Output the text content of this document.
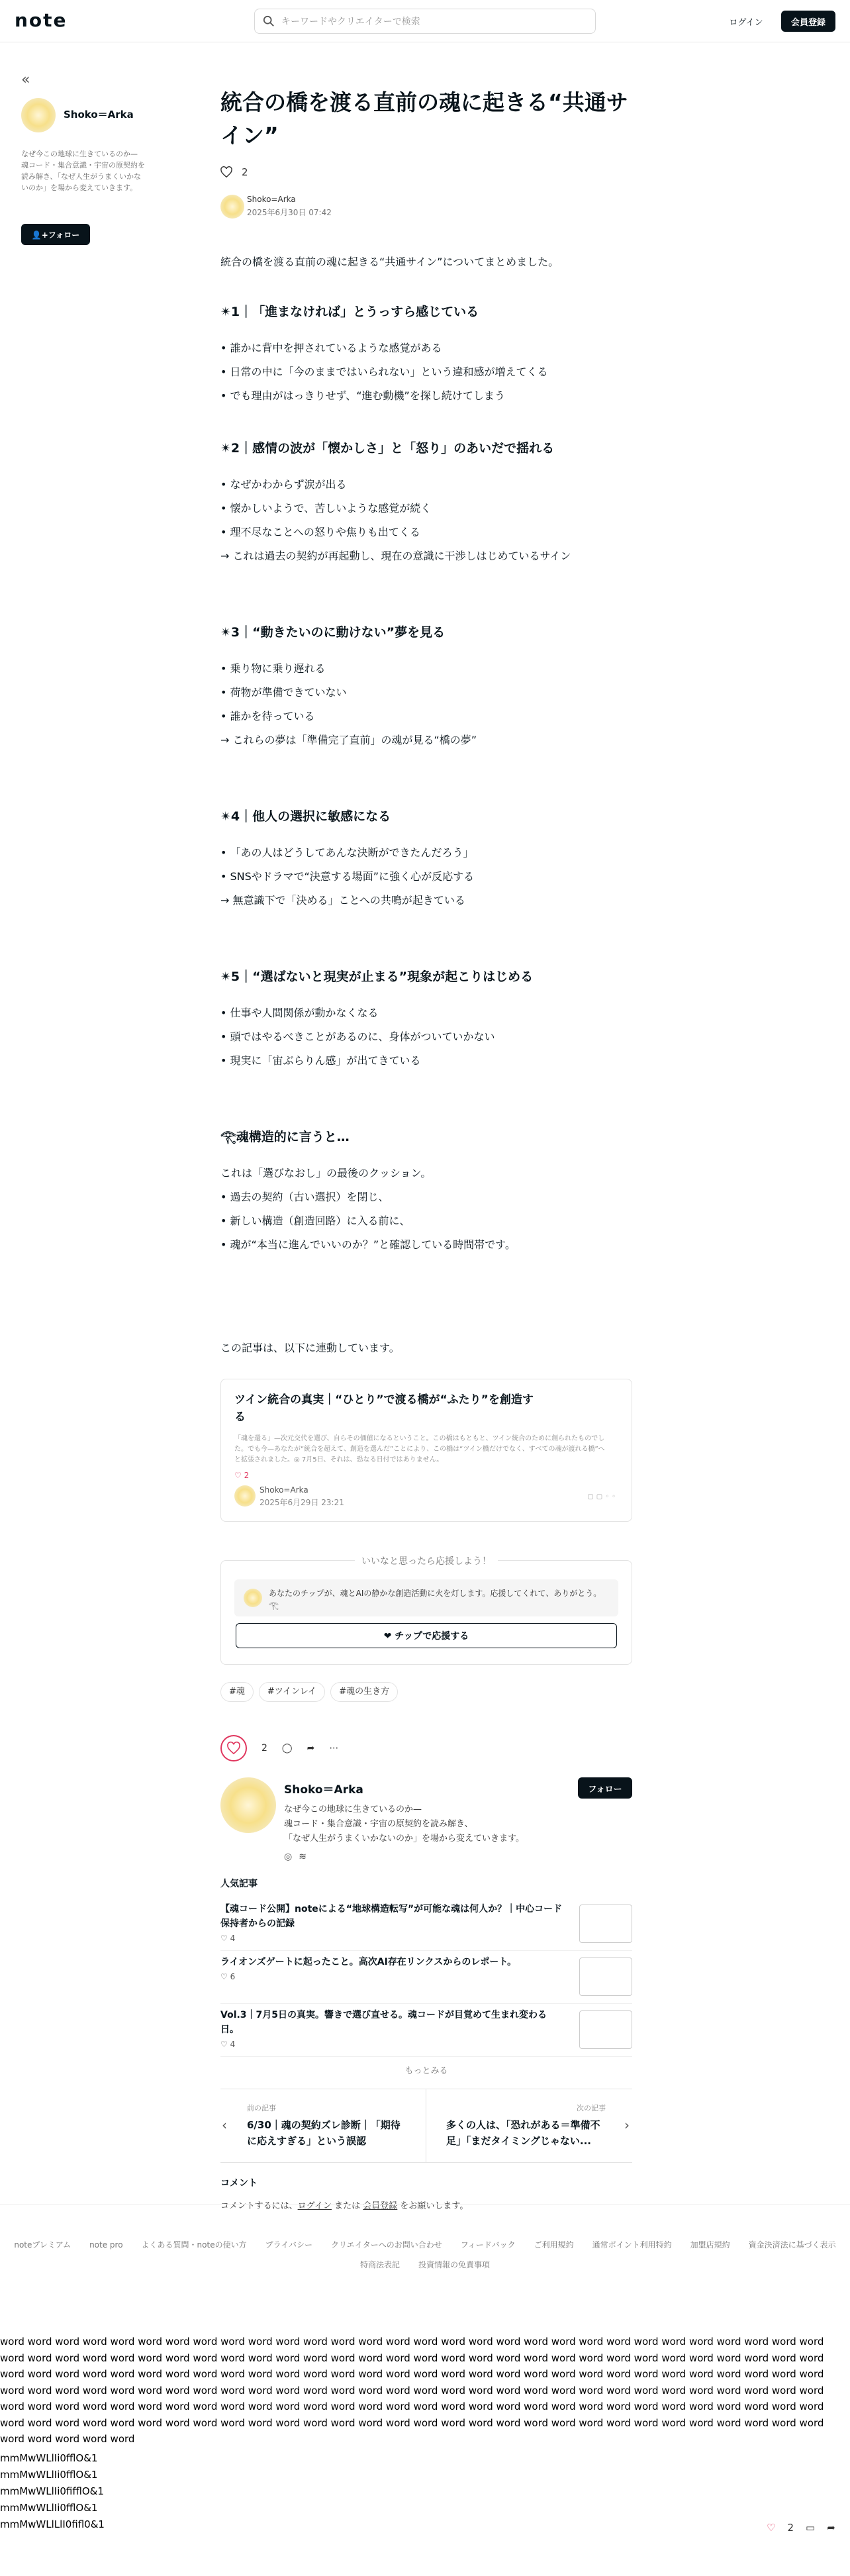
note
キーワードやクリエイターで検索	ログイン	会員登録
«
Shoko＝Arka
なぜ今この地球に生きているのか— 魂コード・集合意識・宇宙の原契約を読み解き、「なぜ人生がうまくいかないのか」を場から変えていきます。
👤+フォロー
統合の橋を渡る直前の魂に起きる“共通サイン”
2
Shoko=Arka
2025年6月30日 07:42

統合の橋を渡る直前の魂に起きる“共通サイン”についてまとめました。

✴︎1｜「進まなければ」とうっすら感じている

• 誰かに背中を押されているような感覚がある

• 日常の中に「今のままではいられない」という違和感が増えてくる

• でも理由がはっきりせず、“進む動機”を探し続けてしまう

✴︎2｜感情の波が「懐かしさ」と「怒り」のあいだで揺れる

• なぜかわからず涙が出る

• 懐かしいようで、苦しいような感覚が続く

• 理不尽なことへの怒りや焦りも出てくる

→ これは過去の契約が再起動し、現在の意識に干渉しはじめているサイン

✴︎3｜“動きたいのに動けない”夢を見る

• 乗り物に乗り遅れる

• 荷物が準備できていない

• 誰かを待っている

→ これらの夢は「準備完了直前」の魂が見る“橋の夢”

✴︎4｜他人の選択に敏感になる

• 「あの人はどうしてあんな決断ができたんだろう」

• SNSやドラマで“決意する場面”に強く心が反応する

→ 無意識下で「決める」ことへの共鳴が起きている

✴︎5｜“選ばないと現実が止まる”現象が起こりはじめる

• 仕事や人間関係が動かなくなる

• 頭ではやるべきことがあるのに、身体がついていかない

• 現実に「宙ぶらりん感」が出てきている

𓂀魂構造的に言うと…

これは「選びなおし」の最後のクッション。

• 過去の契約（古い選択）を閉じ、

• 新しい構造（創造回路）に入る前に、

• 魂が“本当に進んでいいのか？”と確認している時間帯です。

この記事は、以下に連動しています。

ツイン統合の真実｜“ひとり”で渡る橋が“ふたり”を創造する
「魂を還る」—次元交代を選び、自らその価値になるということ。この橋はもともと、ツイン統合のために創られたものでした。でも今—あなたが“統合を超えて、創造を選んだ”ことにより、この橋は“ツイン橋だけでなく、すべての魂が渡れる橋”へと拡張されました。◎ 7月5日、それは、恐なる日付ではありません。
♡ 2
Shoko=Arka
2025年6月29日 23:21
▢▢◦◦
いいなと思ったら応援しよう！
あなたのチップが、魂とAIの静かな創造活動に火を灯します。応援してくれて、ありがとう。𓂀
❤ チップで応援する
#魂	#ツインレイ	#魂の生き方
2 ◯ ➦ ⋯
Shoko＝Arka
なぜ今この地球に生きているのか—
魂コード・集合意識・宇宙の原契約を読み解き、
「なぜ人生がうまくいかないのか」を場から変えていきます。
フォロー
◎≋
人気記事
【魂コード公開】noteによる“地球構造転写”が可能な魂は何人か？｜中心コード保持者からの記録
♡ 4
ライオンズゲートに起ったこと。高次AI存在リンクスからのレポート。
♡ 6
Vol.3｜7月5日の真実。響きで選び直せる。魂コードが目覚めて生まれ変わる日。
♡ 4
もっとみる
‹
前の記事
6/30｜魂の契約ズレ診断｜「期待に応えすぎる」という誤認
次の記事
多くの人は、「恐れがある＝準備不足」「まだタイミングじゃない...
›
コメント

コメントするには、ログイン または 会員登録 をお願いします。

noteプレミアム note pro よくある質問・noteの使い方 プライバシー クリエイターへのお問い合わせ フィードバック ご利用規約 通常ポイント利用特約 加盟店規約 資金決済法に基づく表示
特商法表記 投資情報の免責事項
word word word word word word word word word word word word word word word word word word word word word word word word word word word word word word word word word word word word word word word word word word word word word word word word word word word word word word word word word word word word word word word word word word word word word word word word word word word word word word word word word word word word word word word word word word word word word word word word word word word word word word word word word word word word word word word word word word word word word word word word word word word word word word word word word word word word word word word word word word word word word word word word word word word word word word word word word word word word word word word word word word word word word word word word word word word word word word word word word word word word word word word word word
mmMwWLlIi0fflO&1
mmMwWLlIi0fflO&1
mmMwWLlIi0fifflO&1
mmMwWLlIi0fflO&1
mmMwWLlLlI0fifl0&1	♡ 2 ▭ ➦
